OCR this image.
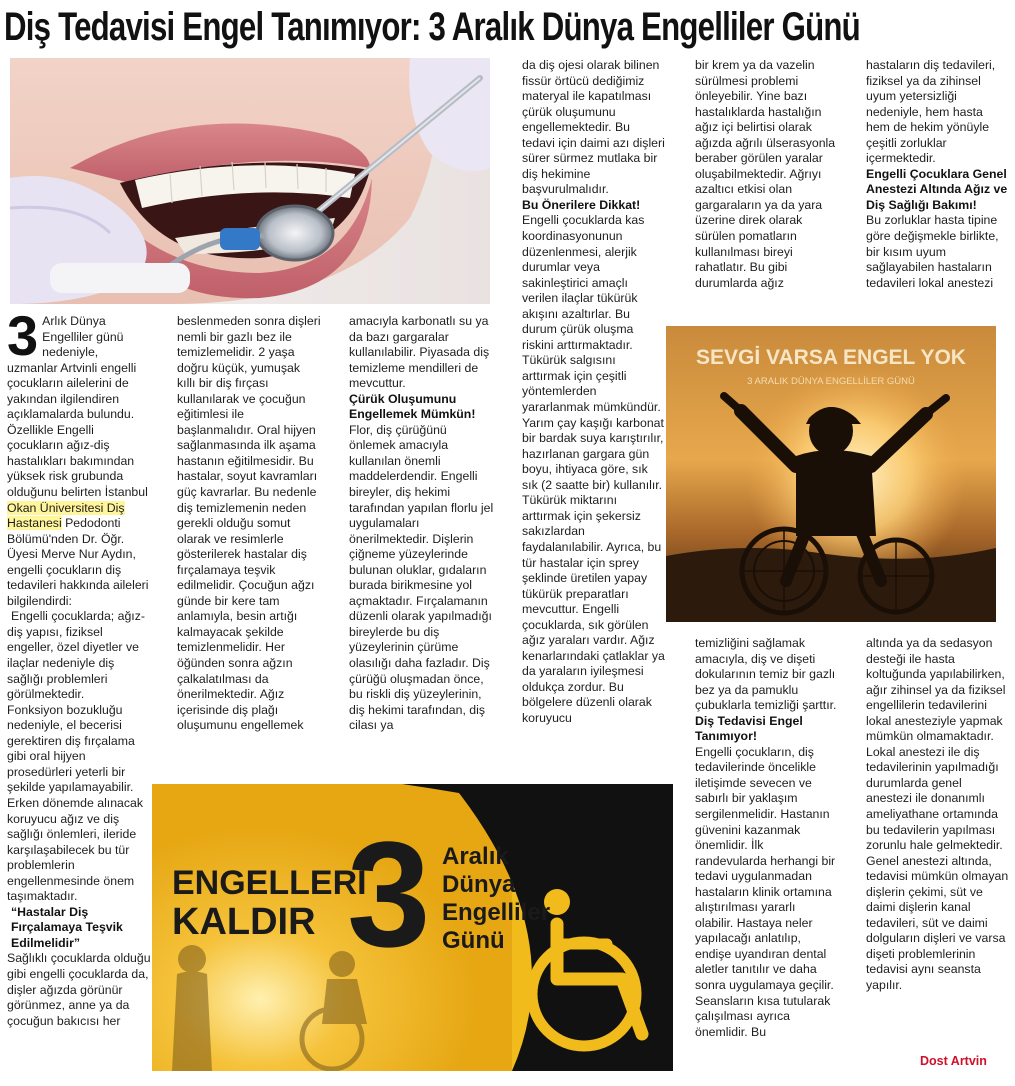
Diş Tedavisi Engel Tanımıyor: 3 Aralık Dünya Engelliler Günü
3 Arlık Dünya Engelliler günü nedeniyle, uzmanlar Artvinli engelli çocukların ailelerini de yakından ilgilendiren açıklamalarda bulundu. Özellikle Engelli çocukların ağız-diş hastalıkları bakımından yüksek risk grubunda olduğunu belirten İstanbul Okan Üniversitesi Diş Hastanesi Pedodonti Bölümü'nden Dr. Öğr. Üyesi Merve Nur Aydın, engelli çocukların diş tedavileri hakkında aileleri bilgilendirdi:

Engelli çocuklarda; ağız-diş yapısı, fiziksel engeller, özel diyetler ve ilaçlar nedeniyle diş sağlığı problemleri görülmektedir.

Fonksiyon bozukluğu nedeniyle, el becerisi gerektiren diş fırçalama gibi oral hijyen prosedürleri yeterli bir şekilde yapılamayabilir. Erken dönemde alınacak koruyucu ağız ve diş sağlığı önlemleri, ileride karşılaşabilecek bu tür problemlerin engellenmesinde önem taşımaktadır.

“Hastalar Diş Fırçalamaya Teşvik Edilmelidir”

Sağlıklı çocuklarda olduğu gibi engelli çocuklarda da, dişler ağızda görünür görünmez, anne ya da çocuğun bakıcısı her

beslenmeden sonra dişleri nemli bir gazlı bez ile temizlemelidir. 2 yaşa doğru küçük, yumuşak kıllı bir diş fırçası kullanılarak ve çocuğun eğitimlesi ile başlanmalıdır. Oral hijyen sağlanmasında ilk aşama hastanın eğitilmesidir. Bu hastalar, soyut kavramları güç kavrarlar. Bu nedenle diş temizlemenin neden gerekli olduğu somut olarak ve resimlerle gösterilerek hastalar diş fırçalamaya teşvik edilmelidir. Çocuğun ağzı günde bir kere tam anlamıyla, besin artığı kalmayacak şekilde temizlenmelidir. Her öğünden sonra ağzın çalkalatılması da önerilmektedir. Ağız içerisinde diş plağı oluşumunu engellemek

amacıyla karbonatlı su ya da bazı gargaralar kullanılabilir. Piyasada diş temizleme mendilleri de mevcuttur.

Çürük Oluşumunu Engellemek Mümkün!

Flor, diş çürüğünü önlemek amacıyla kullanılan önemli maddelerdendir. Engelli bireyler, diş hekimi tarafından yapılan florlu jel uygulamaları önerilmektedir. Dişlerin çiğneme yüzeylerinde bulunan oluklar, gıdaların burada birikmesine yol açmaktadır. Fırçalamanın düzenli olarak yapılmadığı bireylerde bu diş yüzeylerinin çürüme olasılığı daha fazladır. Diş çürüğü oluşmadan önce, bu riskli diş yüzeylerinin, diş hekimi tarafından, diş cilası ya

da diş ojesi olarak bilinen fissür örtücü dediğimiz materyal ile kapatılması çürük oluşumunu engellemektedir. Bu tedavi için daimi azı dişleri sürer sürmez mutlaka bir diş hekimine başvurulmalıdır.

Bu Önerilere Dikkat!

Engelli çocuklarda kas koordinasyonunun düzenlenmesi, alerjik durumlar veya sakinleştirici amaçlı verilen ilaçlar tükürük akışını azaltırlar. Bu durum çürük oluşma riskini arttırmaktadır. Tükürük salgısını arttırmak için çeşitli yöntemlerden yararlanmak mümkündür. Yarım çay kaşığı karbonat bir bardak suya karıştırılır, hazırlanan gargara gün boyu, ihtiyaca göre, sık sık (2 saatte bir) kullanılır. Tükürük miktarını arttırmak için şekersiz sakızlardan faydalanılabilir. Ayrıca, bu tür hastalar için sprey şeklinde üretilen yapay tükürük preparatları mevcuttur. Engelli çocuklarda, sık görülen ağız yaraları vardır. Ağız kenarlarındaki çatlaklar ya da yaraların iyileşmesi oldukça zordur. Bu bölgelere düzenli olarak koruyucu

bir krem ya da vazelin sürülmesi problemi önleyebilir. Yine bazı hastalıklarda hastalığın ağız içi belirtisi olarak ağızda ağrılı ülserasyonla beraber görülen yaralar oluşabilmektedir. Ağrıyı azaltıcı etkisi olan gargaraların ya da yara üzerine direk olarak sürülen pomatların kullanılması bireyi rahatlatır. Bu gibi durumlarda ağız

hastaların diş tedavileri, fiziksel ya da zihinsel uyum yetersizliği nedeniyle, hem hasta hem de hekim yönüyle çeşitli zorluklar içermektedir.

Engelli Çocuklara Genel Anestezi Altında Ağız ve Diş Sağlığı Bakımı!

Bu zorluklar hasta tipine göre değişmekle birlikte, bir kısım uyum sağlayabilen hastaların tedavileri lokal anestezi

SEVGİ VARSA ENGEL YOK
3 ARALIK DÜNYA ENGELLİLER GÜNÜ

temizliğini sağlamak amacıyla, diş ve dişeti dokularının temiz bir gazlı bez ya da pamuklu çubuklarla temizliği şarttır.

Diş Tedavisi Engel Tanımıyor!

Engelli çocukların, diş tedavilerinde öncelikle iletişimde sevecen ve sabırlı bir yaklaşım sergilenmelidir. Hastanın güvenini kazanmak önemlidir. İlk randevularda herhangi bir tedavi uygulanmadan hastaların klinik ortamına alıştırılması yararlı olabilir. Hastaya neler yapılacağı anlatılıp, endişe uyandıran dental aletler tanıtılır ve daha sonra uygulamaya geçilir. Seansların kısa tutularak çalışılması ayrıca önemlidir. Bu

altında ya da sedasyon desteği ile hasta koltuğunda yapılabilirken, ağır zihinsel ya da fiziksel engellilerin tedavilerini lokal anesteziyle yapmak mümkün olmamaktadır. Lokal anestezi ile diş tedavilerinin yapılmadığı durumlarda genel anestezi ile donanımlı ameliyathane ortamında bu tedavilerin yapılması zorunlu hale gelmektedir. Genel anestezi altında, tedavisi mümkün olmayan dişlerin çekimi, süt ve daimi dişlerin kanal tedavileri, süt ve daimi dolguların dişleri ve varsa dişeti problemlerinin tedavisi aynı seansta yapılır.

ENGELLERİ
KALDIR 3 Aralık
Dünya
Engelliler
Günü
Dost Artvin
